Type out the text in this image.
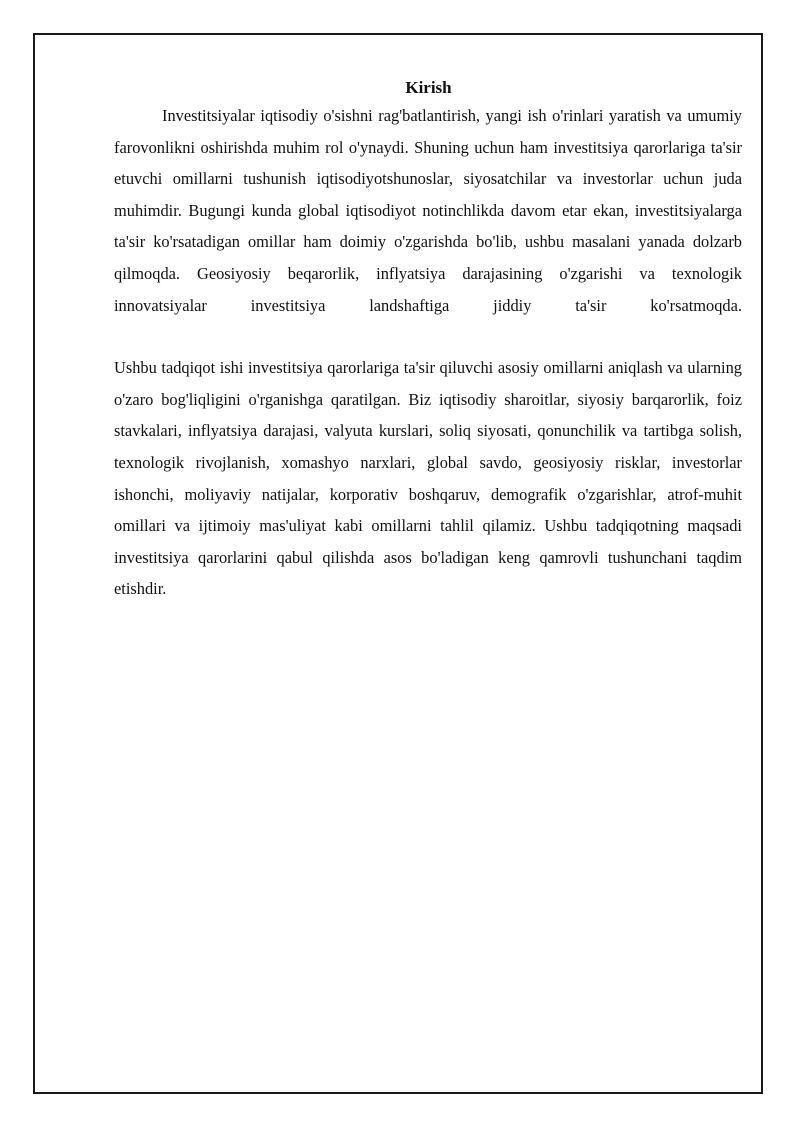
Kirish

Investitsiyalar iqtisodiy o'sishni rag'batlantirish, yangi ish o'rinlari yaratish va umumiy farovonlikni oshirishda muhim rol o'ynaydi. Shuning uchun ham investitsiya qarorlariga ta'sir etuvchi omillarni tushunish iqtisodiyotshunoslar, siyosatchilar va investorlar uchun juda muhimdir. Bugungi kunda global iqtisodiyot notinchlikda davom etar ekan, investitsiyalarga ta'sir ko'rsatadigan omillar ham doimiy o'zgarishda bo'lib, ushbu masalani yanada dolzarb qilmoqda. Geosiyosiy beqarorlik, inflyatsiya darajasining o'zgarishi va texnologik innovatsiyalar investitsiya landshaftiga jiddiy ta'sir ko'rsatmoqda.

Ushbu tadqiqot ishi investitsiya qarorlariga ta'sir qiluvchi asosiy omillarni aniqlash va ularning o'zaro bog'liqligini o'rganishga qaratilgan. Biz iqtisodiy sharoitlar, siyosiy barqarorlik, foiz stavkalari, inflyatsiya darajasi, valyuta kurslari, soliq siyosati, qonunchilik va tartibga solish, texnologik rivojlanish, xomashyo narxlari, global savdo, geosiyosiy risklar, investorlar ishonchi, moliyaviy natijalar, korporativ boshqaruv, demografik o'zgarishlar, atrof-muhit omillari va ijtimoiy mas'uliyat kabi omillarni tahlil qilamiz. Ushbu tadqiqotning maqsadi investitsiya qarorlarini qabul qilishda asos bo'ladigan keng qamrovli tushunchani taqdim etishdir.
